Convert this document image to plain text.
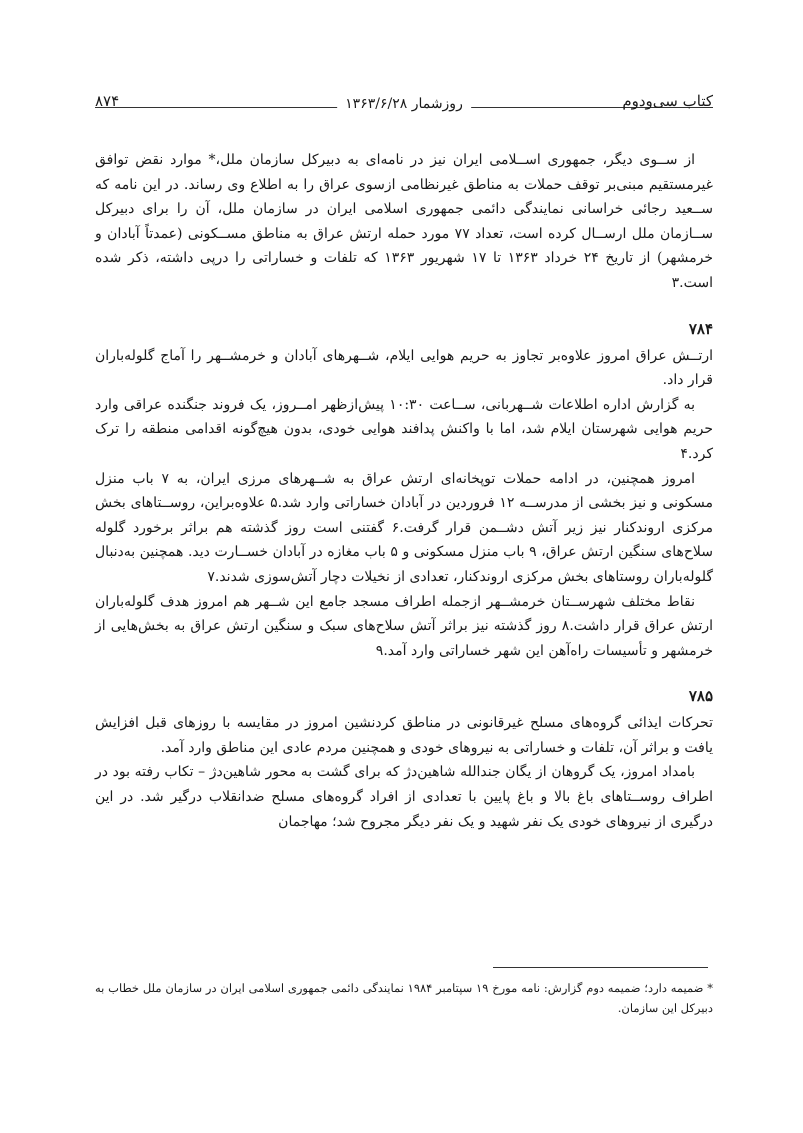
کتاب سی‌ودوم
روزشمار ۱۳۶۳/۶/۲۸
۸۷۴

از ســوی دیگر، جمهوری اســلامی ایران نیز در نامه‌ای به دبیرکل سازمان ملل،* موارد نقض توافق غیرمستقیم مبنی‌بر توقف حملات به مناطق غیرنظامی ازسوی عراق را به اطلاع وی رساند. در این نامه که ســعید رجائی خراسانی نمایندگی دائمی جمهوری اسلامی ایران در سازمان ملل، آن را برای دبیرکل ســازمان ملل ارســال کرده است، تعداد ۷۷ مورد حمله ارتش عراق به مناطق مســکونی (عمدتاً آبادان و خرمشهر) از تاریخ ۲۴ خرداد ۱۳۶۳ تا ۱۷ شهریور ۱۳۶۳ که تلفات و خساراتی را درپی داشته، ذکر شده است.۳

۷۸۴

ارتــش عراق امروز علاوه‌بر تجاوز به حریم هوایی ایلام، شــهرهای آبادان و خرمشــهر را آماج گلوله‌باران قرار داد.

به گزارش اداره اطلاعات شــهربانی، ســاعت ۱۰:۳۰ پیش‌ازظهر امــروز، یک فروند جنگنده عراقی وارد حریم هوایی شهرستان ایلام شد، اما با واکنش پدافند هوایی خودی، بدون هیچ‌گونه اقدامی منطقه را ترک کرد.۴

امروز همچنین، در ادامه حملات توپخانه‌ای ارتش عراق به شــهرهای مرزی ایران، به ۷ باب منزل مسکونی و نیز بخشی از مدرســه ۱۲ فروردین در آبادان خساراتی وارد شد.۵ علاوه‌براین، روســتاهای بخش مرکزی اروندکنار نیز زیر آتش دشــمن قرار گرفت.۶ گفتنی است روز گذشته هم براثر برخورد گلوله سلاح‌های سنگین ارتش عراق، ۹ باب منزل مسکونی و ۵ باب مغازه در آبادان خســارت دید. همچنین به‌دنبال گلوله‌باران روستاهای بخش مرکزی اروندکنار، تعدادی از نخیلات دچار آتش‌سوزی شدند.۷

نقاط مختلف شهرســتان خرمشــهر ازجمله اطراف مسجد جامع این شــهر هم امروز هدف گلوله‌باران ارتش عراق قرار داشت.۸ روز گذشته نیز براثر آتش سلاح‌های سبک و سنگین ارتش عراق به بخش‌هایی از خرمشهر و تأسیسات راه‌آهن این شهر خساراتی وارد آمد.۹

۷۸۵

تحرکات ایذائی گروه‌های مسلح غیرقانونی در مناطق کردنشین امروز در مقایسه با روزهای قبل افزایش یافت و براثر آن، تلفات و خساراتی به نیروهای خودی و همچنین مردم عادی این مناطق وارد آمد.

بامداد امروز، یک گروهان از یگان جندالله شاهین‌دژ که برای گشت به محور شاهین‌دژ – تکاب رفته بود در اطراف روســتاهای باغ بالا و باغ پایین با تعدادی از افراد گروه‌های مسلح ضدانقلاب درگیر شد. در این درگیری از نیروهای خودی یک نفر شهید و یک نفر دیگر مجروح شد؛ مهاجمان

* ضمیمه دارد؛ ضمیمه دوم گزارش: نامه مورخ ۱۹ سپتامبر ۱۹۸۴ نمایندگی دائمی جمهوری اسلامی ایران در سازمان ملل خطاب به دبیرکل این سازمان.
